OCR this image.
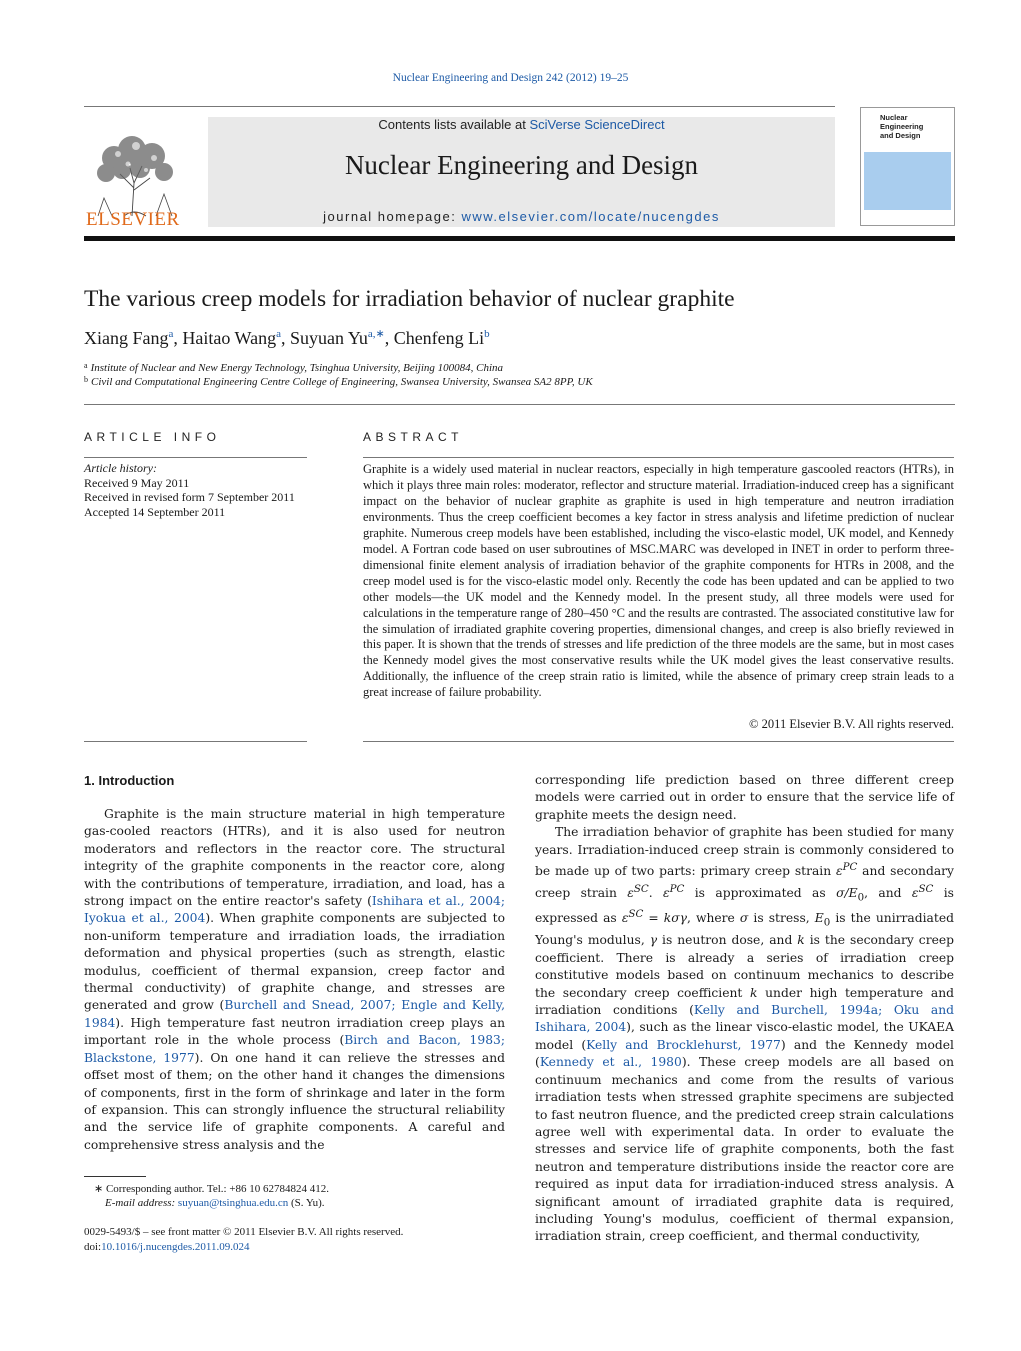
Nuclear Engineering and Design 242 (2012) 19–25
ELSEVIER
Contents lists available at SciVerse ScienceDirect
Nuclear Engineering and Design
journal homepage: www.elsevier.com/locate/nucengdes
Nuclear Engineering
and Design
The various creep models for irradiation behavior of nuclear graphite
Xiang Fang$^a$, Haitao Wang$^a$, Suyuan $Yu^{a,∗}$, Chenfeng Li$^b$
$^a$ Institute of Nuclear and New Energy Technology, Tsinghua University, Beijing 100084, China
$^b$ Civil and Computational Engineering Centre College of Engineering, Swansea University, Swansea SA2 8PP, UK
ARTICLE INFO
Article history:
Received 9 May 2011
Received in revised form 7 September 2011
Accepted 14 September 2011
ABSTRACT
Graphite is a widely used material in nuclear reactors, especially in high temperature gascooled reactors (HTRs), in which it plays three main roles: moderator, reflector and structure material. Irradiation-induced creep has a significant impact on the behavior of nuclear graphite as graphite is used in high temperature and neutron irradiation environments. Thus the creep coefficient becomes a key factor in stress analysis and lifetime prediction of nuclear graphite. Numerous creep models have been established, including the visco-elastic model, UK model, and Kennedy model. A Fortran code based on user subroutines of MSC.MARC was developed in INET in order to perform three-dimensional finite element analysis of irradiation behavior of the graphite components for HTRs in 2008, and the creep model used is for the visco-elastic model only. Recently the code has been updated and can be applied to two other models—the UK model and the Kennedy model. In the present study, all three models were used for calculations in the temperature range of 280–450 °C and the results are contrasted. The associated constitutive law for the simulation of irradiated graphite covering properties, dimensional changes, and creep is also briefly reviewed in this paper. It is shown that the trends of stresses and life prediction of the three models are the same, but in most cases the Kennedy model gives the most conservative results while the UK model gives the least conservative results. Additionally, the influence of the creep strain ratio is limited, while the absence of primary creep strain leads to a great increase of failure probability.
© 2011 Elsevier B.V. All rights reserved.
1. Introduction

Graphite is the main structure material in high temperature gas-cooled reactors (HTRs), and it is also used for neutron moderators and reflectors in the reactor core. The structural integrity of the graphite components in the reactor core, along with the contributions of temperature, irradiation, and load, has a strong impact on the entire reactor's safety (Ishihara et al., 2004; Iyokua et al., 2004). When graphite components are subjected to non-uniform temperature and irradiation loads, the irradiation deformation and physical properties (such as strength, elastic modulus, coefficient of thermal expansion, creep factor and thermal conductivity) of graphite change, and stresses are generated and grow (Burchell and Snead, 2007; Engle and Kelly, 1984). High temperature fast neutron irradiation creep plays an important role in the whole process (Birch and Bacon, 1983; Blackstone, 1977). On one hand it can relieve the stresses and offset most of them; on the other hand it changes the dimensions of components, first in the form of shrinkage and later in the form of expansion. This can strongly influence the structural reliability and the service life of graphite components. A careful and comprehensive stress analysis and the

corresponding life prediction based on three different creep models were carried out in order to ensure that the service life of graphite meets the design need.

The irradiation behavior of graphite has been studied for many years. Irradiation-induced creep strain is commonly considered to be made up of two parts: primary creep strain $\varepsilon^{PC}$ and secondary creep strain $\varepsilon^{SC}$. $\varepsilon^{PC}$ is approximated as $\sigma/E_0$, and $\varepsilon^{SC}$ is expressed as $\varepsilon^{SC} = k\sigma\gamma$, where σ is stress, $E_0$ is the unirradiated Young's modulus, γ is neutron dose, and k is the secondary creep coefficient. There is already a series of irradiation creep constitutive models based on continuum mechanics to describe the secondary creep coefficient k under high temperature and irradiation conditions (Kelly and Burchell, 1994a; Oku and Ishihara, 2004), such as the linear visco-elastic model, the UKAEA model (Kelly and Brocklehurst, 1977) and the Kennedy model (Kennedy et al., 1980). These creep models are all based on continuum mechanics and come from the results of various irradiation tests when stressed graphite specimens are subjected to fast neutron fluence, and the predicted creep strain calculations agree well with experimental data. In order to evaluate the stresses and service life of graphite components, both the fast neutron and temperature distributions inside the reactor core are required as input data for irradiation-induced stress analysis. A significant amount of irradiated graphite data is required, including Young's modulus, coefficient of thermal expansion, irradiation strain, creep coefficient, and thermal conductivity,

∗ Corresponding author. Tel.: +86 10 62784824 412.
E-mail address: suyuan@tsinghua.edu.cn (S. Yu).
0029-5493/$ – see front matter © 2011 Elsevier B.V. All rights reserved.
doi:10.1016/j.nucengdes.2011.09.024
